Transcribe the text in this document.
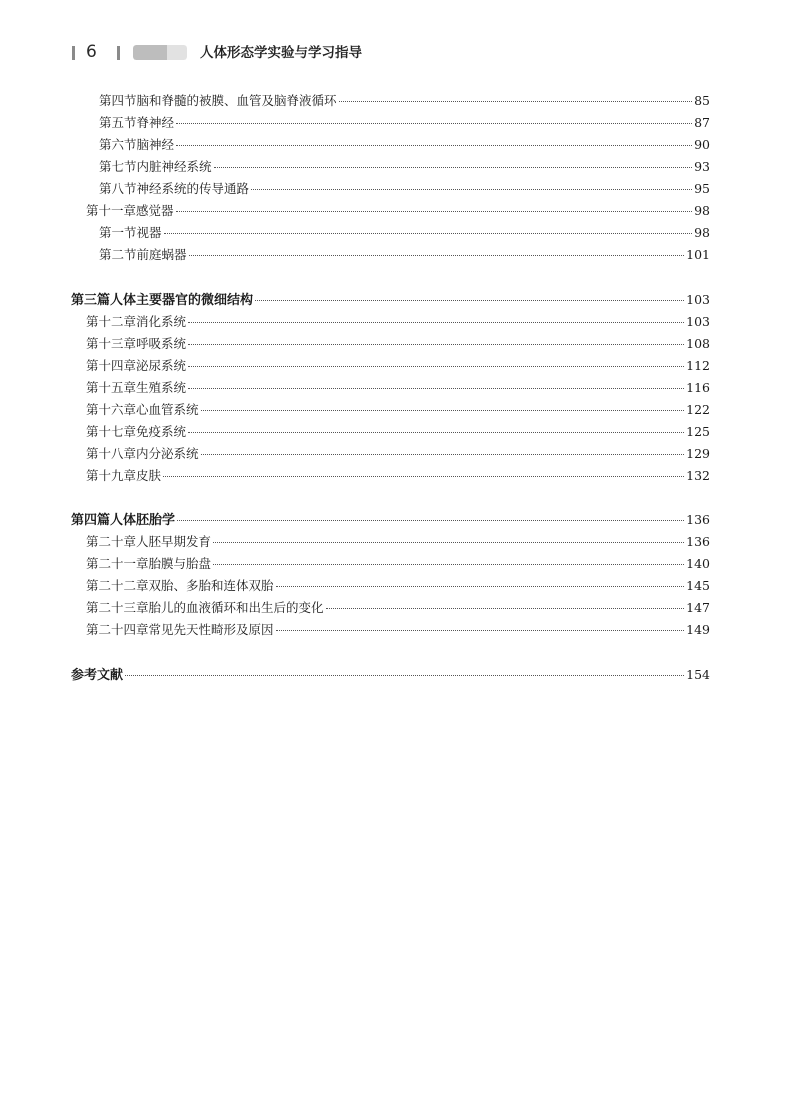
6	人体形态学实验与学习指导
第四节 脑和脊髓的被膜、血管及脑脊液循环	85
第五节 脊神经	87
第六节 脑神经	90
第七节 内脏神经系统	93
第八节 神经系统的传导通路	95
第十一章 感觉器	98
第一节 视器	98
第二节 前庭蜗器	101
第三篇 人体主要器官的微细结构	103
第十二章 消化系统	103
第十三章 呼吸系统	108
第十四章 泌尿系统	112
第十五章 生殖系统	116
第十六章 心血管系统	122
第十七章 免疫系统	125
第十八章 内分泌系统	129
第十九章 皮肤	132
第四篇 人体胚胎学	136
第二十章 人胚早期发育	136
第二十一章 胎膜与胎盘	140
第二十二章 双胎、多胎和连体双胎	145
第二十三章 胎儿的血液循环和出生后的变化	147
第二十四章 常见先天性畸形及原因	149
参考文献	154
